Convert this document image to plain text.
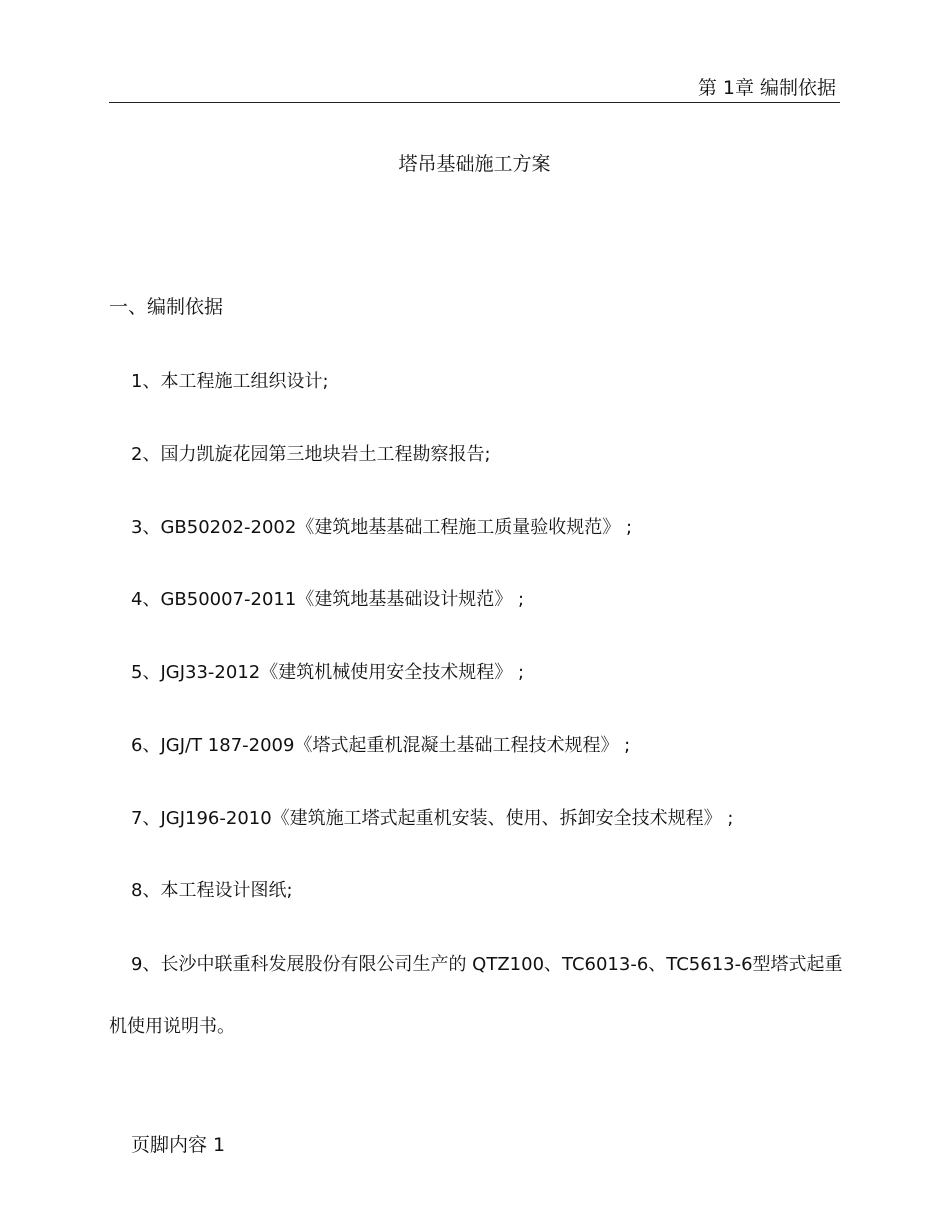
第 1章 编制依据
塔吊基础施工方案
一、编制依据
1、本工程施工组织设计;
2、国力凯旋花园第三地块岩土工程勘察报告;
3、GB50202-2002《建筑地基基础工程施工质量验收规范》 ;
4、GB50007-2011《建筑地基基础设计规范》 ;
5、JGJ33-2012《建筑机械使用安全技术规程》 ;
6、JGJ/T 187-2009《塔式起重机混凝土基础工程技术规程》 ;
7、JGJ196-2010《建筑施工塔式起重机安装、使用、拆卸安全技术规程》 ;
8、本工程设计图纸;
9、长沙中联重科发展股份有限公司生产的 QTZ100、TC6013-6、TC5613-6型塔式起重机使用说明书。
页脚内容 1
